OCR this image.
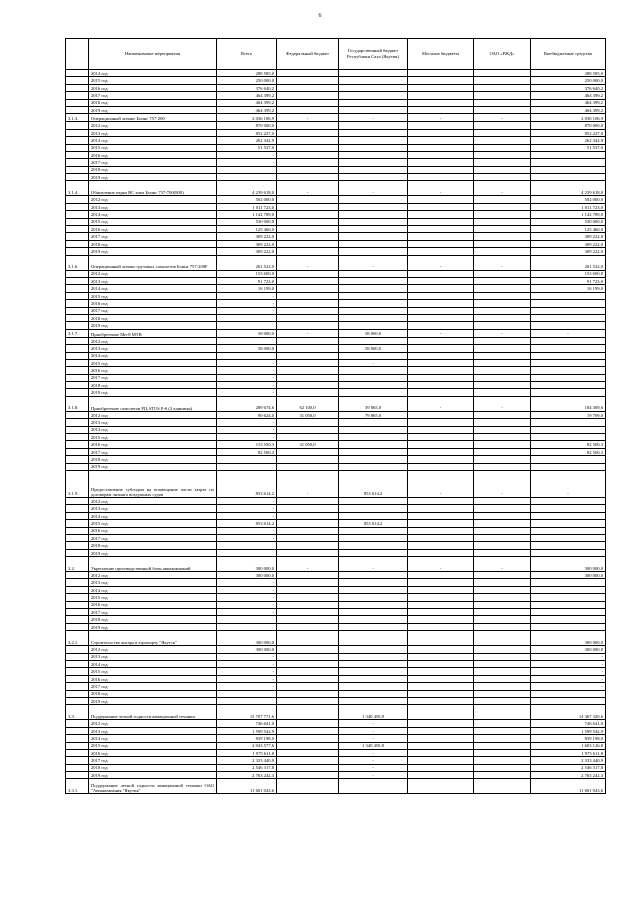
6
	Наименование мероприятия	Всего	Федеральный бюджет	Государственный бюджет Республики Саха (Якутия)	Местные бюджеты	ОАО «РЖД»	Внебюджетные средства
	2014 год	288 585,0					288 585,0
	2015 год	250 000,0					250 000,0
	2016 год	376 640,2					376 640,2
	2017 год	464 399,2					464 399,2
	2018 год	464 399,2					464 399,2
	2019 год	464 399,2					464 399,2
3.1.3.	Операционный лизинг Боинг 757-200	2 036 106,9	-	-	-	-	2 036 106,9
	2012 год	870 000,0					870 000,0
	2013 год	852 227,0					852 227,0
	2014 год	262 342,9					262 342,9
	2015 год	51 537,0					51 537,0
	2016 год	-					
	2017 год	-					
	2018 год						
	2019 год						
3.1.4.	Обновление парка ВС типа Боинг 737-700(800)	4 239 618,0	-	-	-	-	4 239 618,0
	2012 год	502 000,0					502 000,0
	2013 год	1 011 723,0					1 011 723,0
	2014 год	1 142 789,0					1 142 789,0
	2015 год	530 000,0					530 000,0
	2016 год	125 460,0					125 460,0
	2017 год	309 222,0					309 222,0
	2018 год	309 222,0					309 222,0
	2019 год	309 222,0					309 222,0
3.1.6.	Операционный лизинг грузовых самолетов Боинг 757-200F	261 522,0	-	-	-	-	261 522,0
	2012 год	153 600,0					153 600,0
	2013 год	91 723,0					91 723,0
	2014 год	16 199,0					16 199,0
	2015 год	-					
	2016 год	-					
	2017 год	-					
	2018 год						
	2019 год						
3.1.7.	Приобретение Ми-8 МТВ	58 000,0	-	58 000,0	-	-	-
	2012 год						
	2013 год	58 000,0		58 000,0			
	2014 год						
	2015 год	-		-			
	2016 год	-					
	2017 год	-					
	2018 год	-					
	2019 год	-					
3.1.8.	Приобретение самолетов PILATUS P-6 (2 единицы)	289 674,6	62 100,0	39 865,0	-	-	184 309,6
	2012 год	90 624,0	31 050,0	79 865,0			19 709,0
	2013 год	-					
	2014 год	-					
	2015 год	-					
	2016 год	113 550,3	31 050,0				82 500,3
	2017 год	82 500,3					82 500,3
	2018 год						
	2019 год						
3.1.9.	Предоставление субсидии на возмещение части затрат по договорам лизинга воздушных судов	853 614,2	-	853 614,2	-	-	-
	2012 год	-					
	2013 год	-					
	2014 год	-					
	2015 год	853 614,2		853 614,2			
	2016 год	-					
	2017 год	-					
	2018 год						
	2019 год						
3.2.	Укрепление производственной базы авиакомпаний	300 000,0	-	-	-	-	300 000,0
	2012 год	300 000,0					300 000,0
	2013 год	-					
	2014 год	-					
	2015 год	-					
	2016 год	-					
	2017 год	-					
	2018 год						
	2019 год						
3.2.1.	Строительство ангара в аэропорту "Якутск"	300 000,0					300 000,0
	2012 год	300 000,0					300 000,0
	2013 год	-					-
	2014 год	-					-
	2015 год	-					-
	2016 год	-					-
	2017 год	-					-
	2018 год						
	2019 год						
3.3.	Поддержание летной годности авиационной техники	15 707 771,6		1 340 450,8			14 367 320,6
	2012 год	746 641,0		-			746 641,0
	2013 год	1 599 542,9		-			1 599 542,9
	2014 год	839 198,0		-			839 198,0
	2015 год	2 943 577,6		1 340 450,8			1 603 126,8
	2016 год	1 975 611,8		-			1 975 611,8
	2017 год	2 333 440,9		-			2 333 440,9
	2018 год	2 546 317,8		-			2 546 317,8
	2019 год	2 763 242,3		-			2 763 242,3
3.3.1.	Поддержание летной годности авиационной техники ОАО "Авиакомпания "Якутия"	11 601 043,6					11 601 043,6
